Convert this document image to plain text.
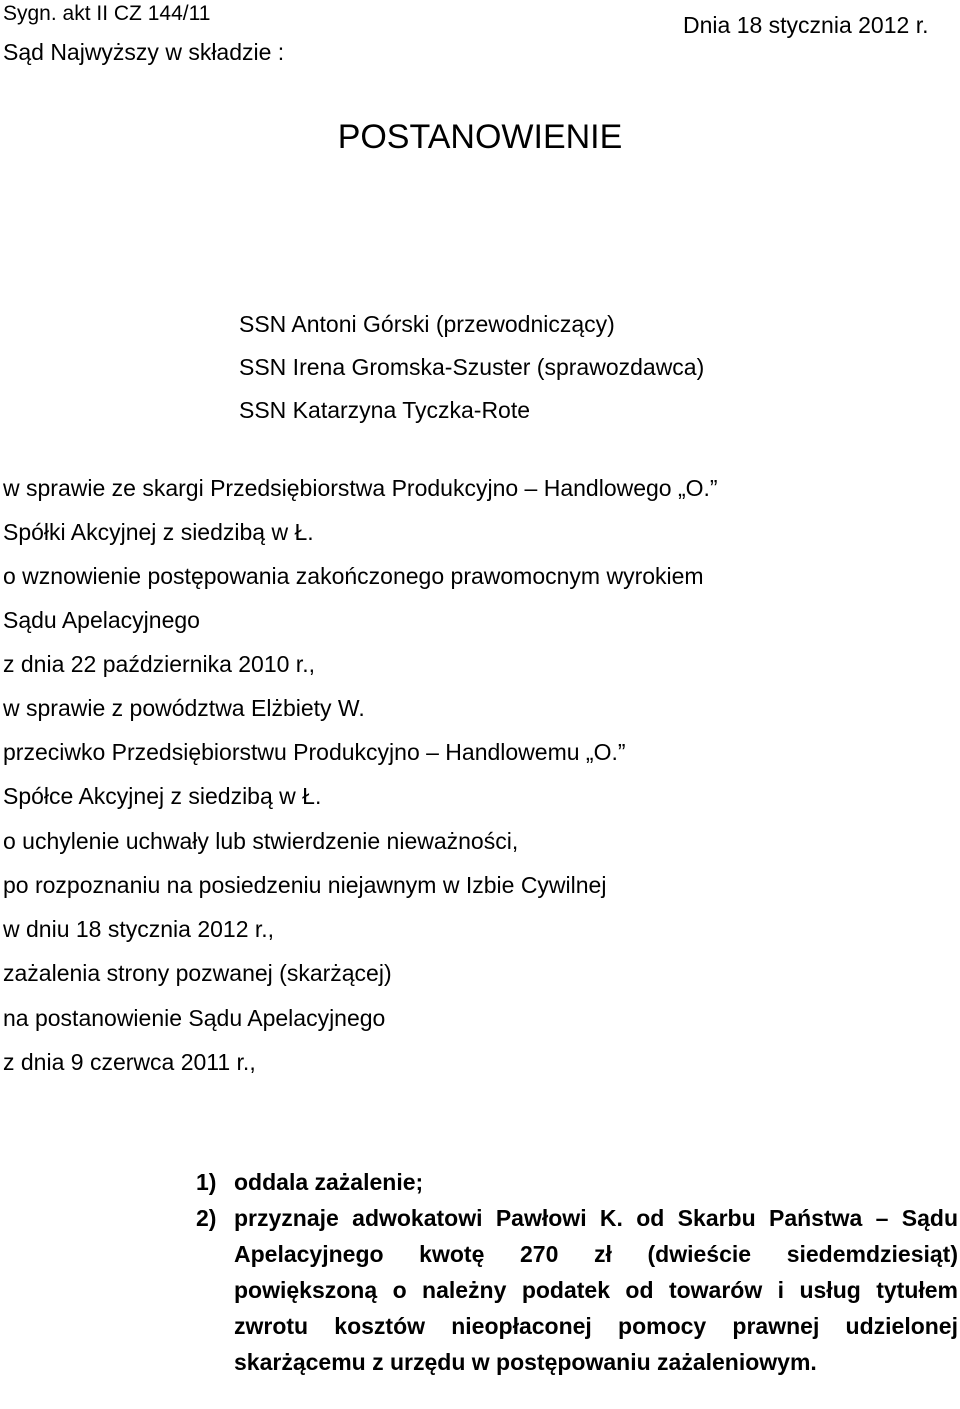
Sygn. akt II CZ 144/11	Dnia 18 stycznia 2012 r.
Sąd Najwyższy w składzie :
POSTANOWIENIE
SSN Antoni Górski (przewodniczący)
SSN Irena Gromska-Szuster (sprawozdawca)
SSN Katarzyna Tyczka-Rote
w sprawie ze skargi Przedsiębiorstwa Produkcyjno – Handlowego „O.”
Spółki Akcyjnej z siedzibą w Ł.
o wznowienie postępowania zakończonego prawomocnym wyrokiem
Sądu Apelacyjnego
z dnia 22 października 2010 r.,
w sprawie z powództwa Elżbiety W.
przeciwko Przedsiębiorstwu Produkcyjno – Handlowemu „O.”
Spółce Akcyjnej z siedzibą w Ł.
o uchylenie uchwały lub stwierdzenie nieważności,
po rozpoznaniu na posiedzeniu niejawnym w Izbie Cywilnej
w dniu 18 stycznia 2012 r.,
zażalenia strony pozwanej (skarżącej)
na postanowienie Sądu Apelacyjnego
z dnia 9 czerwca 2011 r.,
1) oddala zażalenie;
2) przyznaje adwokatowi Pawłowi K. od Skarbu Państwa – Sądu Apelacyjnego kwotę 270 zł (dwieście siedemdziesiąt) powiększoną o należny podatek od towarów i usług tytułem zwrotu kosztów nieopłaconej pomocy prawnej udzielonej skarżącemu z urzędu w postępowaniu zażaleniowym.
